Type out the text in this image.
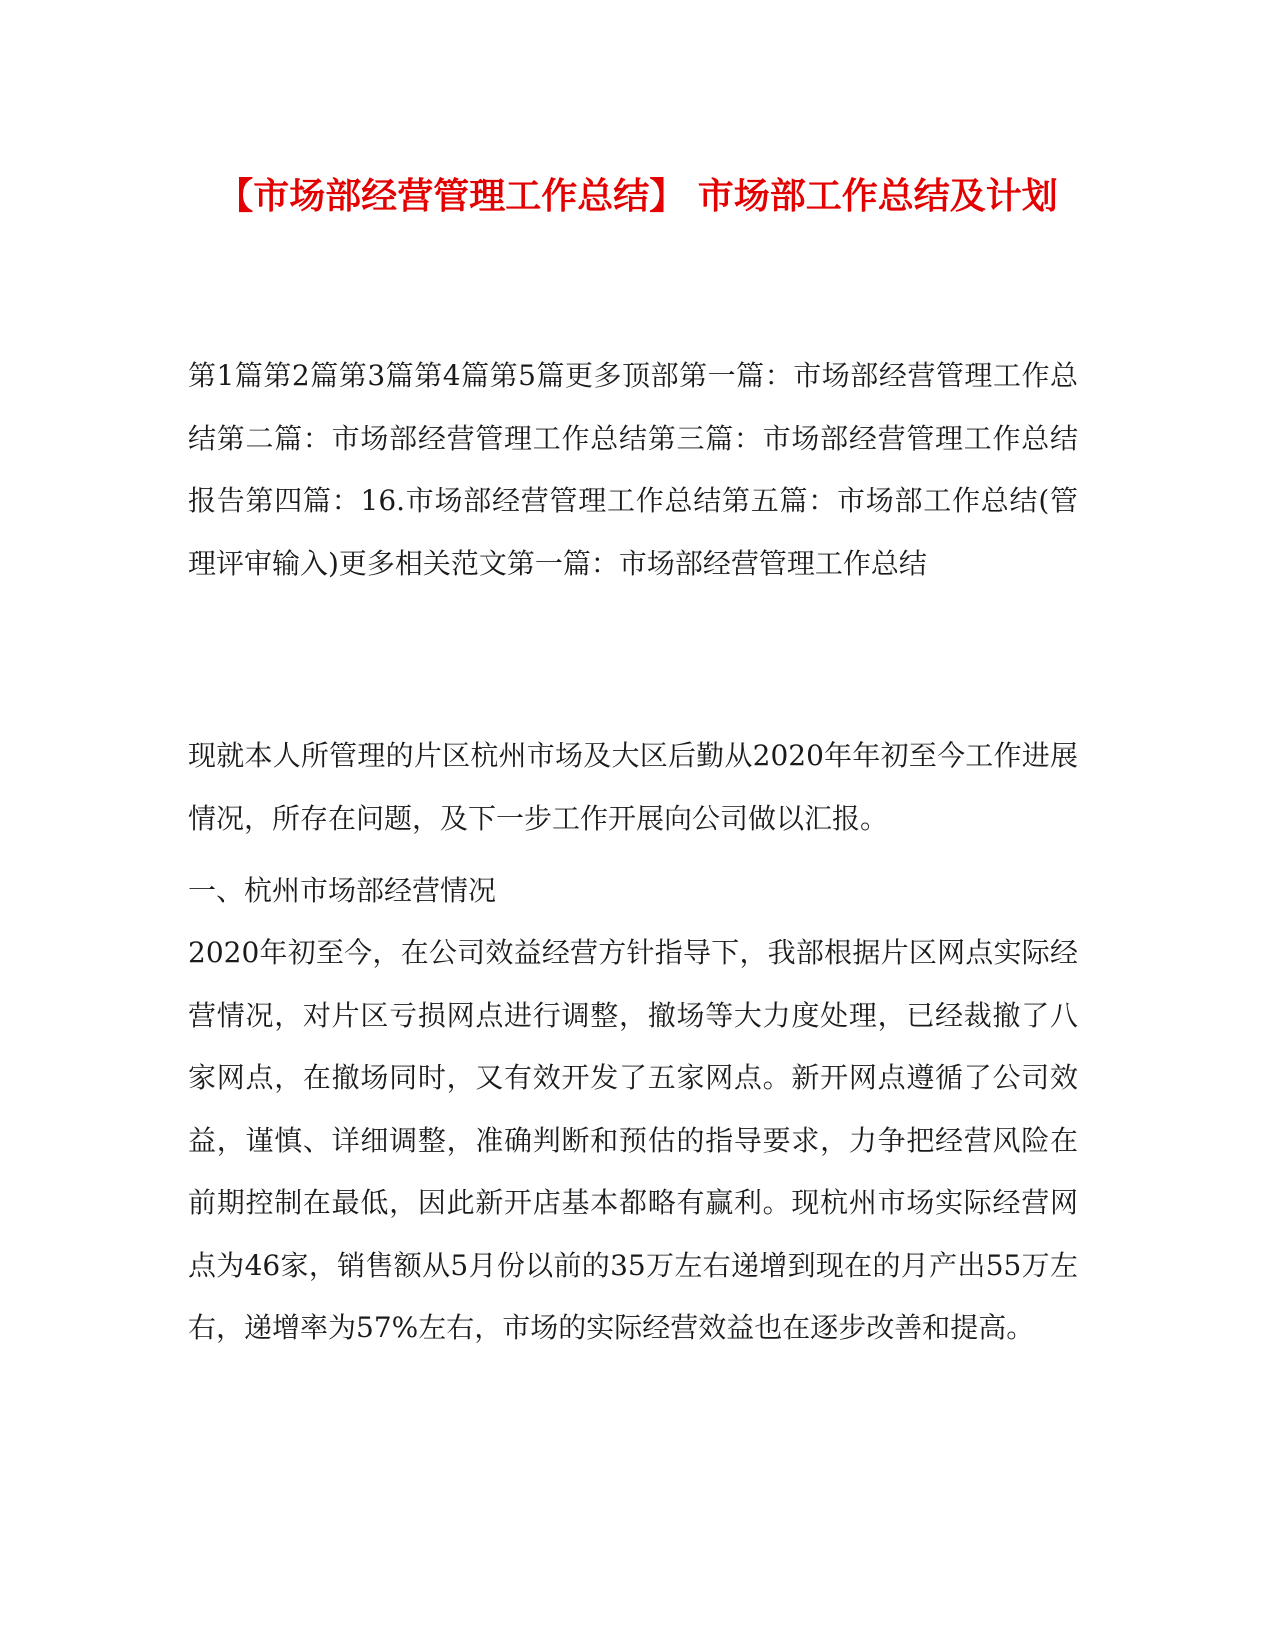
【市场部经营管理工作总结】 市场部工作总结及计划

第1篇第2篇第3篇第4篇第5篇更多顶部第一篇：市场部经营管理工作总结第二篇：市场部经营管理工作总结第三篇：市场部经营管理工作总结报告第四篇：16.市场部经营管理工作总结第五篇：市场部工作总结(管理评审输入)更多相关范文第一篇：市场部经营管理工作总结

现就本人所管理的片区杭州市场及大区后勤从2020年年初至今工作进展情况，所存在问题，及下一步工作开展向公司做以汇报。

一、杭州市场部经营情况

2020年初至今，在公司效益经营方针指导下，我部根据片区网点实际经营情况，对片区亏损网点进行调整，撤场等大力度处理，已经裁撤了八家网点，在撤场同时，又有效开发了五家网点。新开网点遵循了公司效益，谨慎、详细调整，准确判断和预估的指导要求，力争把经营风险在前期控制在最低，因此新开店基本都略有赢利。现杭州市场实际经营网点为46家，销售额从5月份以前的35万左右递增到现在的月产出55万左右，递增率为57%左右，市场的实际经营效益也在逐步改善和提高。
